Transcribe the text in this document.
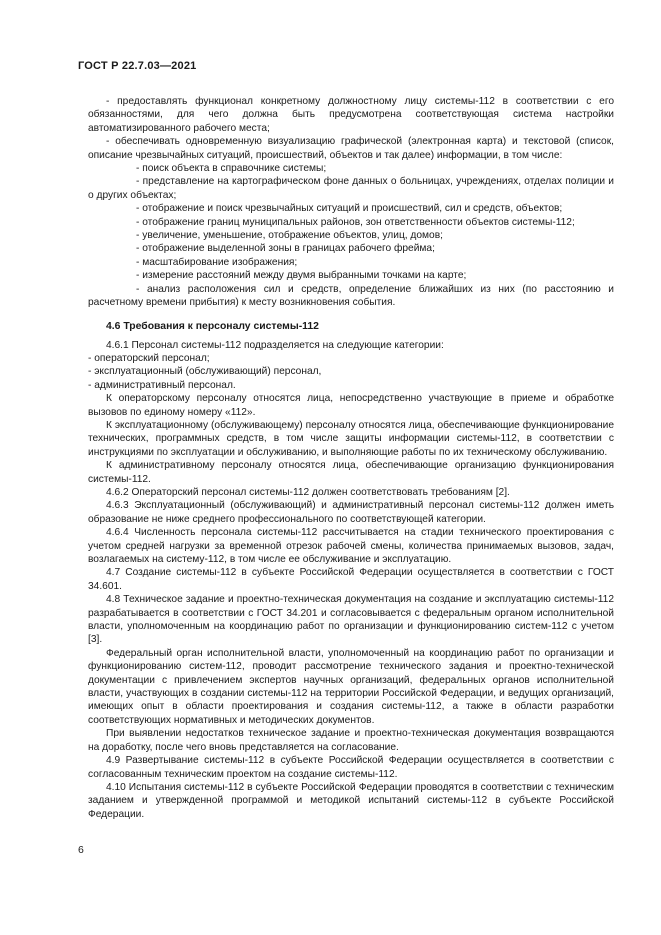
ГОСТ Р 22.7.03—2021

- предоставлять функционал конкретному должностному лицу системы-112 в соответствии с его обязанностями, для чего должна быть предусмотрена соответствующая система настройки автоматизированного рабочего места;

- обеспечивать одновременную визуализацию графической (электронная карта) и текстовой (список, описание чрезвычайных ситуаций, происшествий, объектов и так далее) информации, в том числе:

- поиск объекта в справочнике системы;

- представление на картографическом фоне данных о больницах, учреждениях, отделах полиции и о других объектах;

- отображение и поиск чрезвычайных ситуаций и происшествий, сил и средств, объектов;

- отображение границ муниципальных районов, зон ответственности объектов системы-112;

- увеличение, уменьшение, отображение объектов, улиц, домов;

- отображение выделенной зоны в границах рабочего фрейма;

- масштабирование изображения;

- измерение расстояний между двумя выбранными точками на карте;

- анализ расположения сил и средств, определение ближайших из них (по расстоянию и расчетному времени прибытия) к месту возникновения события.

4.6 Требования к персоналу системы-112

4.6.1 Персонал системы-112 подразделяется на следующие категории:

- операторский персонал;

- эксплуатационный (обслуживающий) персонал,

- административный персонал.

К операторскому персоналу относятся лица, непосредственно участвующие в приеме и обработке вызовов по единому номеру «112».

К эксплуатационному (обслуживающему) персоналу относятся лица, обеспечивающие функционирование технических, программных средств, в том числе защиты информации системы-112, в соответствии с инструкциями по эксплуатации и обслуживанию, и выполняющие работы по их техническому обслуживанию.

К административному персоналу относятся лица, обеспечивающие организацию функционирования системы-112.

4.6.2 Операторский персонал системы-112 должен соответствовать требованиям [2].

4.6.3 Эксплуатационный (обслуживающий) и административный персонал системы-112 должен иметь образование не ниже среднего профессионального по соответствующей категории.

4.6.4 Численность персонала системы-112 рассчитывается на стадии технического проектирования с учетом средней нагрузки за временной отрезок рабочей смены, количества принимаемых вызовов, задач, возлагаемых на систему-112, в том числе ее обслуживание и эксплуатацию.

4.7 Создание системы-112 в субъекте Российской Федерации осуществляется в соответствии с ГОСТ 34.601.

4.8 Техническое задание и проектно-техническая документация на создание и эксплуатацию системы-112 разрабатывается в соответствии с ГОСТ 34.201 и согласовывается с федеральным органом исполнительной власти, уполномоченным на координацию работ по организации и функционированию систем-112 с учетом [3].

Федеральный орган исполнительной власти, уполномоченный на координацию работ по организации и функционированию систем-112, проводит рассмотрение технического задания и проектно-технической документации с привлечением экспертов научных организаций, федеральных органов исполнительной власти, участвующих в создании системы-112 на территории Российской Федерации, и ведущих организаций, имеющих опыт в области проектирования и создания системы-112, а также в области разработки соответствующих нормативных и методических документов.

При выявлении недостатков техническое задание и проектно-техническая документация возвращаются на доработку, после чего вновь представляется на согласование.

4.9 Развертывание системы-112 в субъекте Российской Федерации осуществляется в соответствии с согласованным техническим проектом на создание системы-112.

4.10 Испытания системы-112 в субъекте Российской Федерации проводятся в соответствии с техническим заданием и утвержденной программой и методикой испытаний системы-112 в субъекте Российской Федерации.

6
